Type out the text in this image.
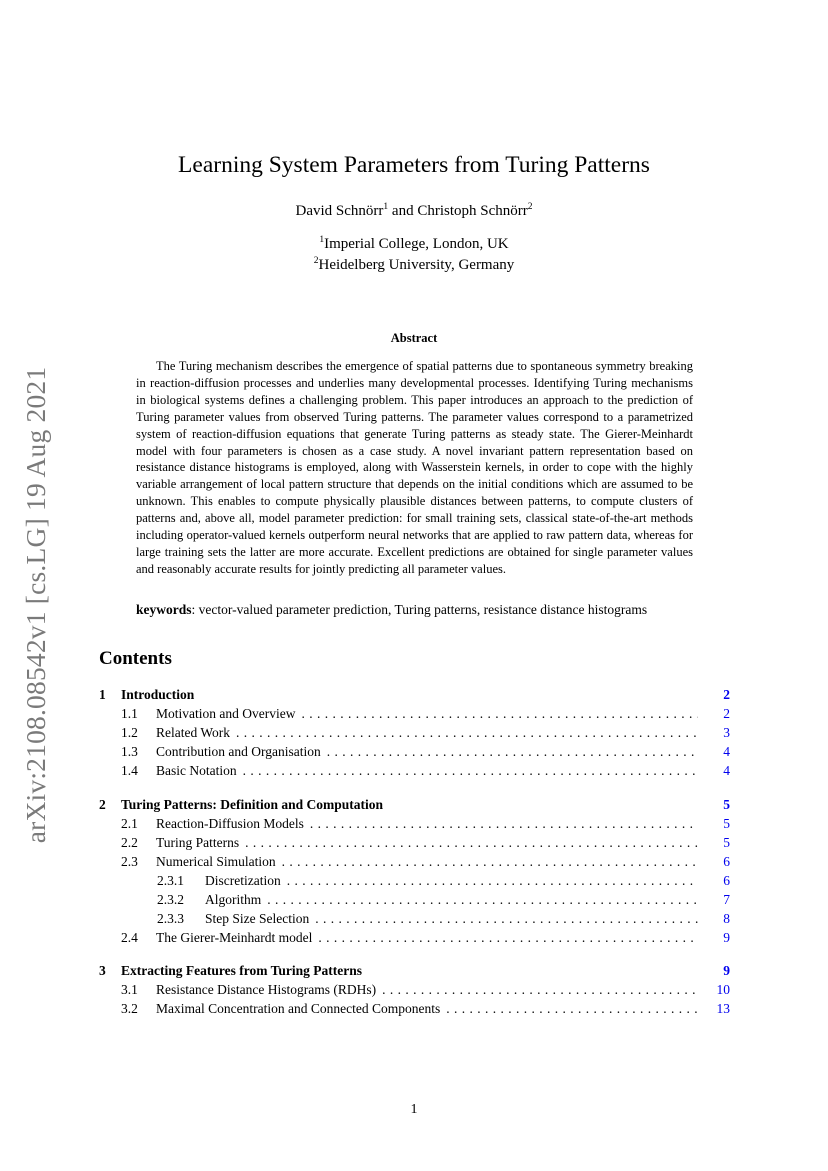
arXiv:2108.08542v1 [cs.LG] 19 Aug 2021
Learning System Parameters from Turing Patterns
David Schnörr$^1$ and Christoph Schnörr$^2$
$^1$Imperial College, London, UK
$^2$Heidelberg University, Germany
Abstract

The Turing mechanism describes the emergence of spatial patterns due to spontaneous symmetry breaking in reaction-diffusion processes and underlies many developmental processes. Identifying Turing mechanisms in biological systems defines a challenging problem. This paper introduces an approach to the prediction of Turing parameter values from observed Turing patterns. The parameter values correspond to a parametrized system of reaction-diffusion equations that generate Turing patterns as steady state. The Gierer-Meinhardt model with four parameters is chosen as a case study. A novel invariant pattern representation based on resistance distance histograms is employed, along with Wasserstein kernels, in order to cope with the highly variable arrangement of local pattern structure that depends on the initial conditions which are assumed to be unknown. This enables to compute physically plausible distances between patterns, to compute clusters of patterns and, above all, model parameter prediction: for small training sets, classical state-of-the-art methods including operator-valued kernels outperform neural networks that are applied to raw pattern data, whereas for large training sets the latter are more accurate. Excellent predictions are obtained for single parameter values and reasonably accurate results for jointly predicting all parameter values.

keywords: vector-valued parameter prediction, Turing patterns, resistance distance histograms
Contents
1	Introduction	2
1.1	Motivation and Overview . . .	2
1.2	Related Work . . .	3
1.3	Contribution and Organisation . . .	4
1.4	Basic Notation . . .	4
2	Turing Patterns: Definition and Computation	5
2.1	Reaction-Diffusion Models . . .	5
2.2	Turing Patterns . . .	5
2.3	Numerical Simulation . . .	6
2.3.1	Discretization . . .	6
2.3.2	Algorithm . . .	7
2.3.3	Step Size Selection . . .	8
2.4	The Gierer-Meinhardt model . . .	9
3	Extracting Features from Turing Patterns	9
3.1	Resistance Distance Histograms (RDHs) . . .	10
3.2	Maximal Concentration and Connected Components . . .	13
1
